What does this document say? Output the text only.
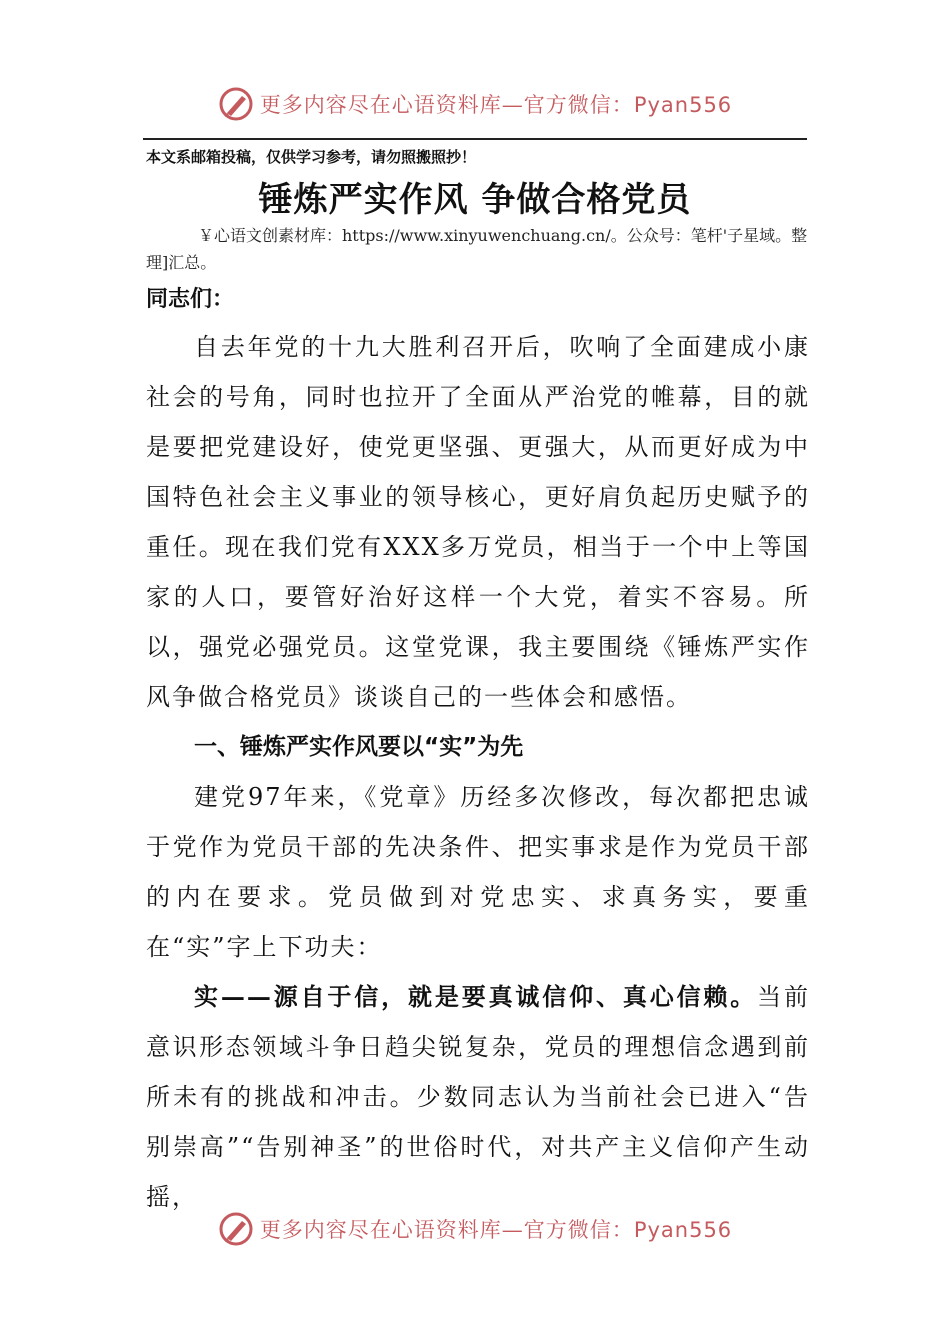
更多内容尽在心语资料库—官方微信：Pyan556
本文系邮箱投稿，仅供学习参考，请勿照搬照抄！
锤炼严实作风 争做合格党员
￥心语文创素材库：https://www.xinyuwenchuang.cn/。公众号：笔杆'子星域。整理]汇总。
同志们：

自去年党的十九大胜利召开后，吹响了全面建成小康社会的号角，同时也拉开了全面从严治党的帷幕，目的就是要把党建设好，使党更坚强、更强大，从而更好成为中国特色社会主义事业的领导核心，更好肩负起历史赋予的重任。现在我们党有XXX多万党员，相当于一个中上等国家的人口，要管好治好这样一个大党，着实不容易。所以，强党必强党员。这堂党课，我主要围绕《锤炼严实作风争做合格党员》谈谈自己的一些体会和感悟。

一、锤炼严实作风要以“实”为先

建党97年来，《党章》历经多次修改，每次都把忠诚于党作为党员干部的先决条件、把实事求是作为党员干部的内在要求。党员做到对党忠实、求真务实，要重在“实”字上下功夫：

实——源自于信，就是要真诚信仰、真心信赖。当前意识形态领域斗争日趋尖锐复杂，党员的理想信念遇到前所未有的挑战和冲击。少数同志认为当前社会已进入“告别崇高”“告别神圣”的世俗时代，对共产主义信仰产生动摇，

更多内容尽在心语资料库—官方微信：Pyan556
